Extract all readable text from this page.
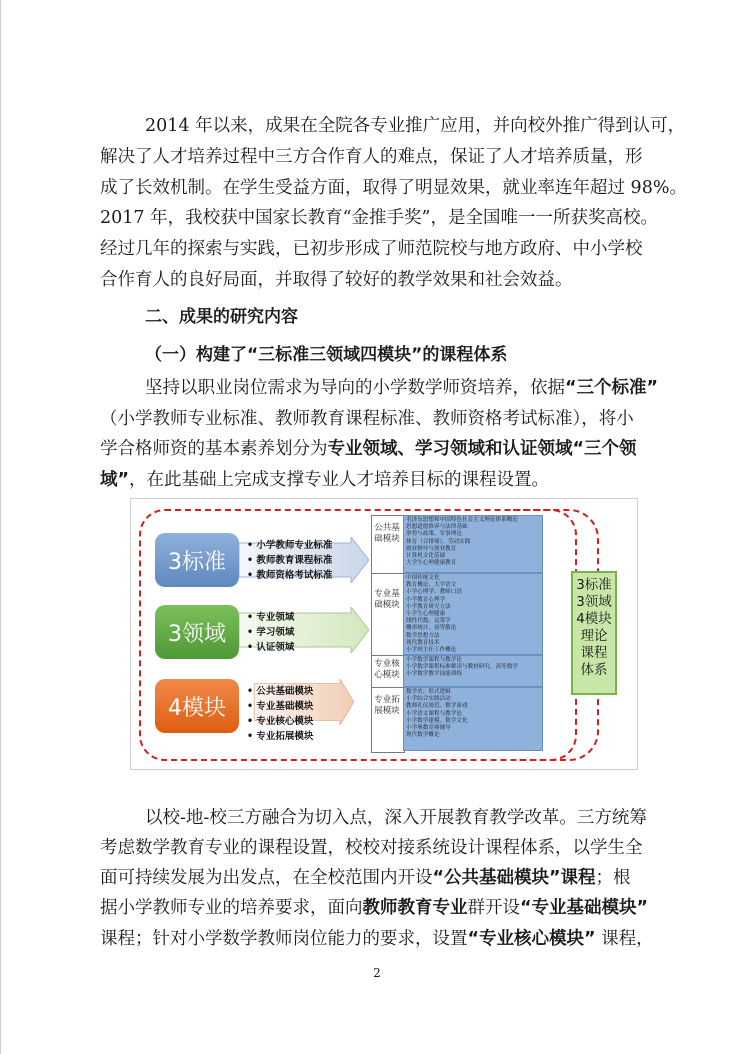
2014 年以来，成果在全院各专业推广应用，并向校外推广得到认可，
解决了人才培养过程中三方合作育人的难点，保证了人才培养质量，形
成了长效机制。在学生受益方面，取得了明显效果，就业率连年超过 98%。
2017 年，我校获中国家长教育“金推手奖”，是全国唯一一所获奖高校。
经过几年的探索与实践，已初步形成了师范院校与地方政府、中小学校
合作育人的良好局面，并取得了较好的教学效果和社会效益。
二、成果的研究内容
（一）构建了“三标准三领域四模块”的课程体系
坚持以职业岗位需求为导向的小学数学师资培养，依据“三个标准”
（小学教师专业标准、教师教育课程标准、教师资格考试标准），将小
学合格师资的基本素养划分为专业领域、学习领域和认证领域“三个领
域”，在此基础上完成支撑专业人才培养目标的课程设置。
3标准
3领域
4模块
• 小学教师专业标准
• 教师教育课程标准
• 教师资格考试标准
• 专业领域
• 学习领域
• 认证领域
• 公共基础模块
• 专业基础模块
• 专业核心模块
• 专业拓展模块
公共基础模块
专业基础模块
专业核心模块
专业拓展模块
毛泽东思想和中国特色社会主义理论体系概论
思想道德修养与法律基础
形势与政策、军事理论
体育（合排球）、劳动实践
就业指导与创业教育
计算机文化基础
大学生心理健康教育
中国传统文化
教育概论、大学语文
小学心理学、教师口语
小学教育心理学
小学教育研究方法
小学生心理健康
线性代数、运筹学
概率统计、初等数论
数学思想方法
现代教育技术
小学班主任工作概论
小学数学课程与教学论
小学数学课程标准解读与教材研究、高等数学
小学数学教学技能训练
数学史、形式逻辑
小学综合实践活动
教师礼仪规范、数学游戏
小学语文课程与教学论
小学数学建模、数学文化
小学奥数竞赛辅导
现代数学概论
3标准
3领域
4模块
理论
课程
体系
以校-地-校三方融合为切入点，深入开展教育教学改革。三方统筹
考虑数学教育专业的课程设置，校校对接系统设计课程体系，以学生全
面可持续发展为出发点，在全校范围内开设“公共基础模块”课程；根
据小学教师专业的培养要求，面向教师教育专业群开设“专业基础模块”
课程；针对小学数学教师岗位能力的要求，设置“专业核心模块” 课程，
2
